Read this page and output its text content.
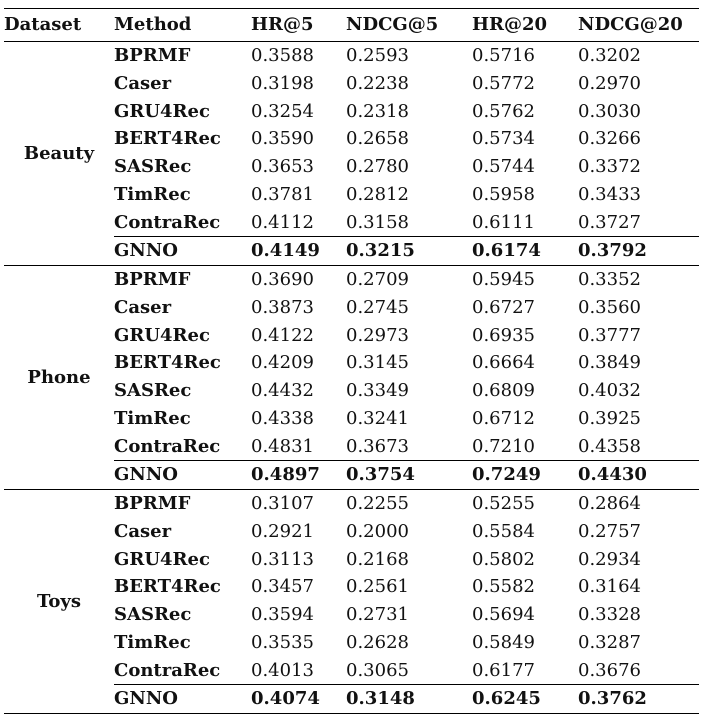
Dataset	Method	HR@5	NDCG@5	HR@20	NDCG@20
Beauty	BPRMF	0.3588	0.2593	0.5716	0.3202
	Caser	0.3198	0.2238	0.5772	0.2970
	GRU4Rec	0.3254	0.2318	0.5762	0.3030
	BERT4Rec	0.3590	0.2658	0.5734	0.3266
	SASRec	0.3653	0.2780	0.5744	0.3372
	TimRec	0.3781	0.2812	0.5958	0.3433
	ContraRec	0.4112	0.3158	0.6111	0.3727
	GNNO	0.4149	0.3215	0.6174	0.3792
Phone	BPRMF	0.3690	0.2709	0.5945	0.3352
	Caser	0.3873	0.2745	0.6727	0.3560
	GRU4Rec	0.4122	0.2973	0.6935	0.3777
	BERT4Rec	0.4209	0.3145	0.6664	0.3849
	SASRec	0.4432	0.3349	0.6809	0.4032
	TimRec	0.4338	0.3241	0.6712	0.3925
	ContraRec	0.4831	0.3673	0.7210	0.4358
	GNNO	0.4897	0.3754	0.7249	0.4430
Toys	BPRMF	0.3107	0.2255	0.5255	0.2864
	Caser	0.2921	0.2000	0.5584	0.2757
	GRU4Rec	0.3113	0.2168	0.5802	0.2934
	BERT4Rec	0.3457	0.2561	0.5582	0.3164
	SASRec	0.3594	0.2731	0.5694	0.3328
	TimRec	0.3535	0.2628	0.5849	0.3287
	ContraRec	0.4013	0.3065	0.6177	0.3676
	GNNO	0.4074	0.3148	0.6245	0.3762
